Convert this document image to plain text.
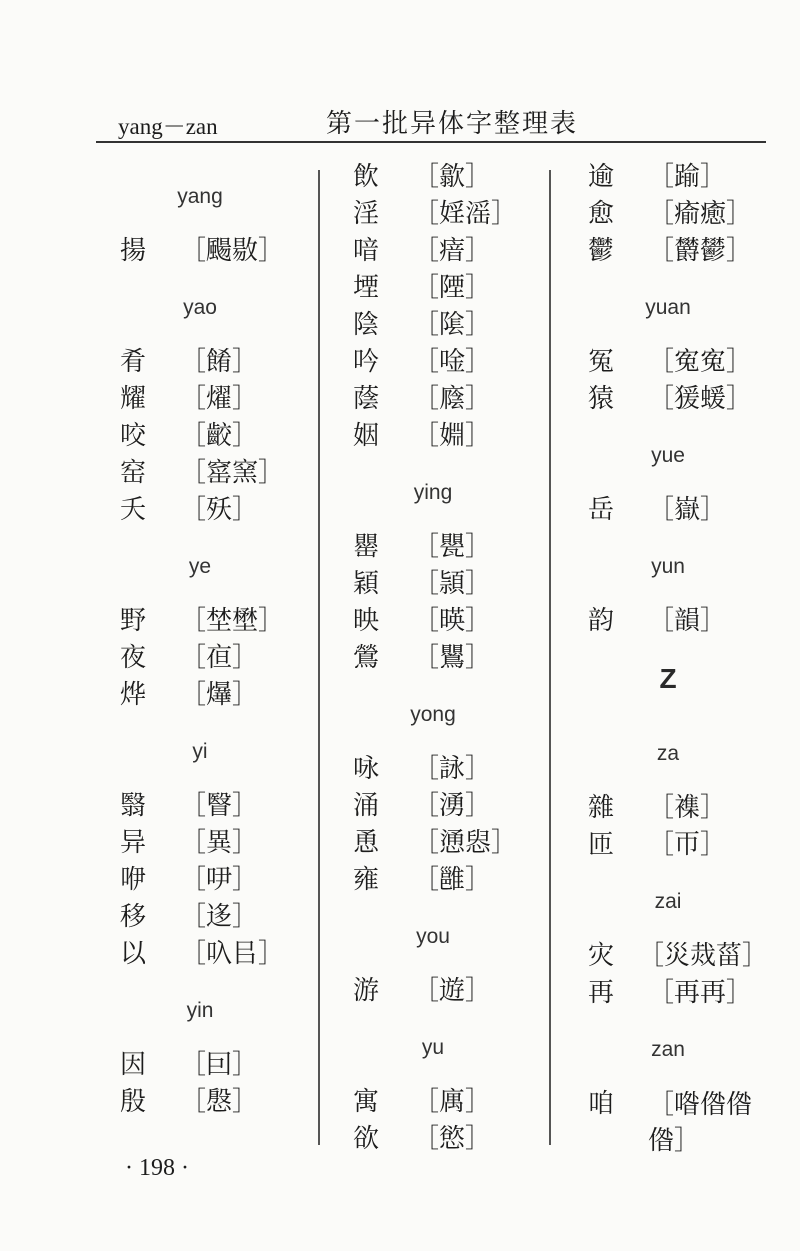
yang－zan	第一批异体字整理表
yang
揚	［颺敭］
yao
肴	［餚］
耀	［燿］
咬	［齩］
窑	［窰窯］
夭	［殀］
ye
野	［埜壄］
夜	［亱］
烨	［爗］
yi
翳	［瞖］
异	［異］
咿	［吚］
移	［迻］
以	［叺㠯］
yin
因	［囙］
殷	［慇］
飲	［歙］
淫	［婬滛］
喑	［瘖］
堙	［陻］
陰	［隂］
吟	［唫］
蔭	［廕］
姻	［婣］
ying
罌	［甖］
穎	［頴］
映	［暎］
鶯	［鸎］
yong
咏	［詠］
涌	［湧］
恿	［慂惥］
雍	［雝］
you
游	［遊］
yu
寓	［庽］
欲	［慾］
逾	［踰］
愈	［瘉癒］
鬱	［欝鬰］
yuan
冤	［寃寃］
猿	［猨蝯］
yue
岳	［嶽］
yun
韵	［韻］
Z
za
雜	［襍］
匝	［帀］
zai
灾 ［災烖菑］
再	［再再］
zan
咱	［喒偺偺偺］
· 198 ·
